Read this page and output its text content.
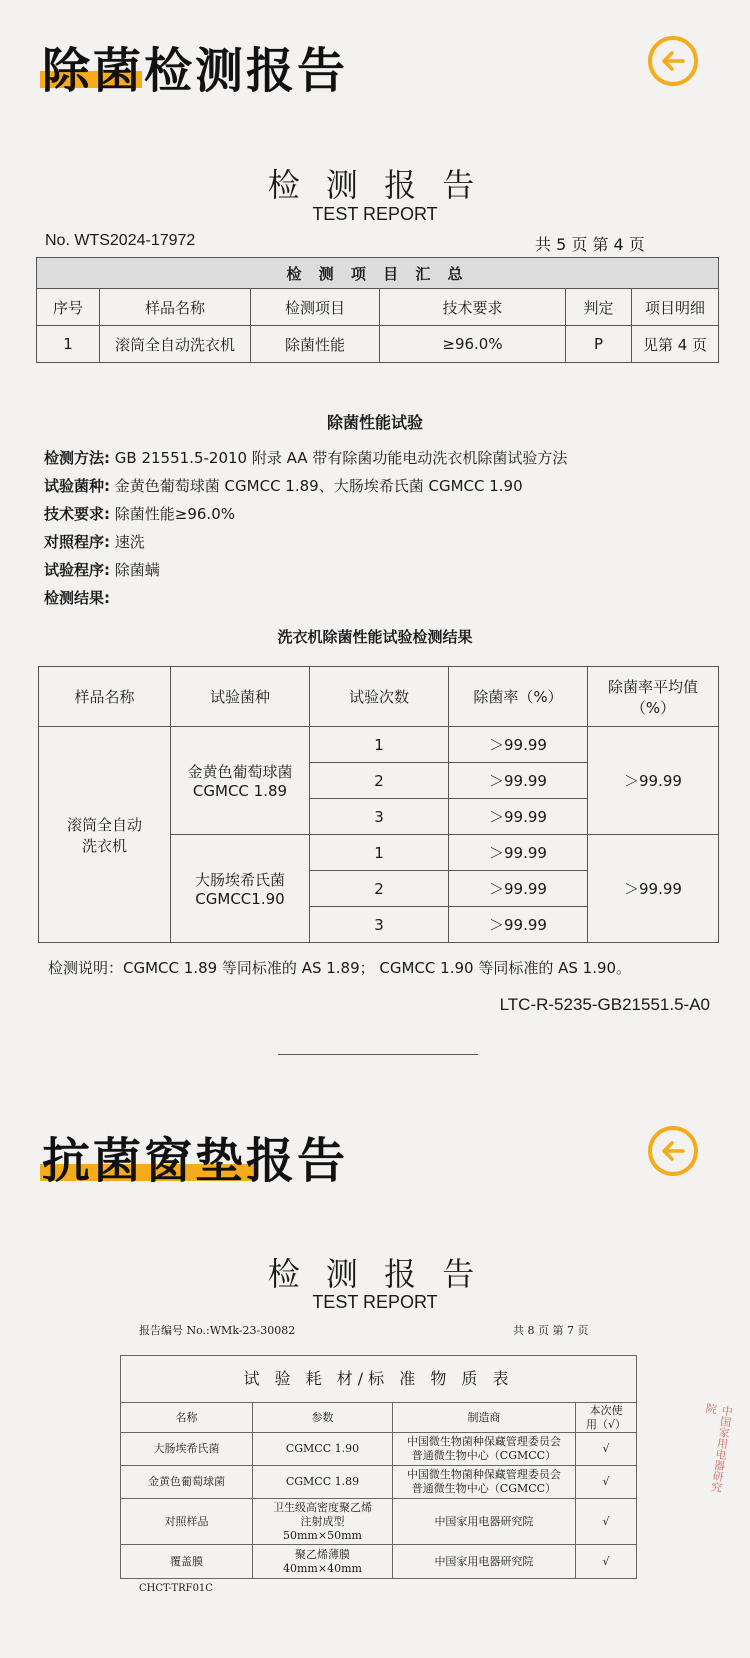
除菌检测报告
检 测 报 告
TEST REPORT
No. WTS2024-17972	共 5 页 第 4 页
检 测 项 目 汇 总					
序号	样品名称	检测项目	技术要求	判定	项目明细
1	滚筒全自动洗衣机	除菌性能	≥96.0%	P	见第 4 页
除菌性能试验
检测方法: GB 21551.5-2010 附录 AA 带有除菌功能电动洗衣机除菌试验方法
试验菌种: 金黄色葡萄球菌 CGMCC 1.89、大肠埃希氏菌 CGMCC 1.90
技术要求: 除菌性能≥96.0%
对照程序: 速洗
试验程序: 除菌螨
检测结果:
洗衣机除菌性能试验检测结果
样品名称	试验菌种	试验次数	除菌率（%）	除菌率平均值（%）
滚筒全自动洗衣机	金黄色葡萄球菌 CGMCC 1.89	1	＞99.99	＞99.99
		2	＞99.99	
		3	＞99.99	
	大肠埃希氏菌 CGMCC1.90	1	＞99.99	＞99.99
		2	＞99.99	
		3	＞99.99	
检测说明：CGMCC 1.89 等同标准的 AS 1.89； CGMCC 1.90 等同标准的 AS 1.90。
LTC-R-5235-GB21551.5-A0
抗菌窗垫报告
检 测 报 告
TEST REPORT
报告编号 No.:WMk-23-30082	共 8 页 第 7 页
试 验 耗 材/标 准 物 质 表			
名称	参数	制造商	本次使用（√）
大肠埃希氏菌	CGMCC 1.90	中国微生物菌种保藏管理委员会普通微生物中心（CGMCC）	√
金黄色葡萄球菌	CGMCC 1.89	中国微生物菌种保藏管理委员会普通微生物中心（CGMCC）	√
对照样品	卫生级高密度聚乙烯注射成型 50mm×50mm	中国家用电器研究院	√
覆盖膜	聚乙烯薄膜 40mm×40mm	中国家用电器研究院	√
中国家用电器研究院
CHCT-TRF01C
